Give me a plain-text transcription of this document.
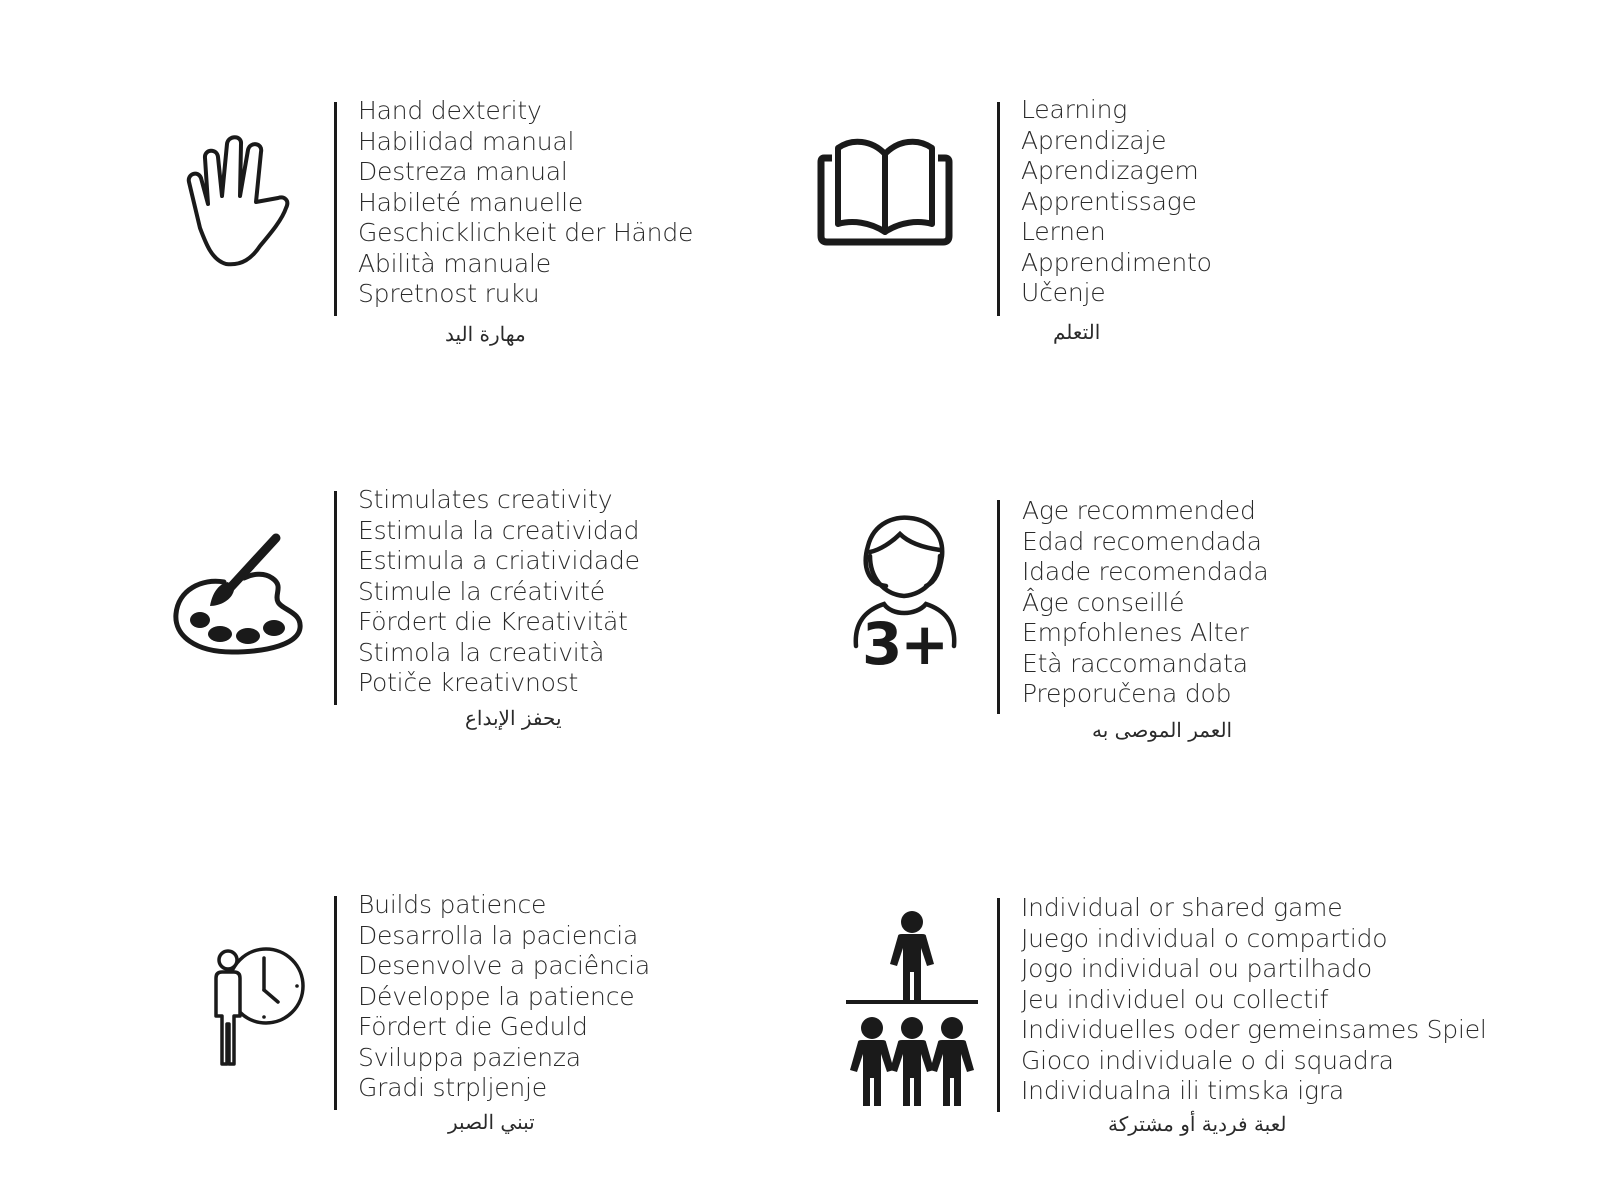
Hand dexterity
Habilidad manual
Destreza manual
Habileté manuelle
Geschicklichkeit der Hände
Abilità manuale
Spretnost ruku
مهارة اليد
Learning
Aprendizaje
Aprendizagem
Apprentissage
Lernen
Apprendimento
Učenje
التعلم
Stimulates creativity
Estimula la creatividad
Estimula a criatividade
Stimule la créativité
Fördert die Kreativität
Stimola la creatività
Potiče kreativnost
يحفز الإبداع
3+
Age recommended
Edad recomendada
Idade recomendada
Âge conseillé
Empfohlenes Alter
Età raccomandata
Preporučena dob
العمر الموصى به
Builds patience
Desarrolla la paciencia
Desenvolve a paciência
Développe la patience
Fördert die Geduld
Sviluppa pazienza
Gradi strpljenje
تبني الصبر
Individual or shared game
Juego individual o compartido
Jogo individual ou partilhado
Jeu individuel ou collectif
Individuelles oder gemeinsames Spiel
Gioco individuale o di squadra
Individualna ili timska igra
لعبة فردية أو مشتركة
